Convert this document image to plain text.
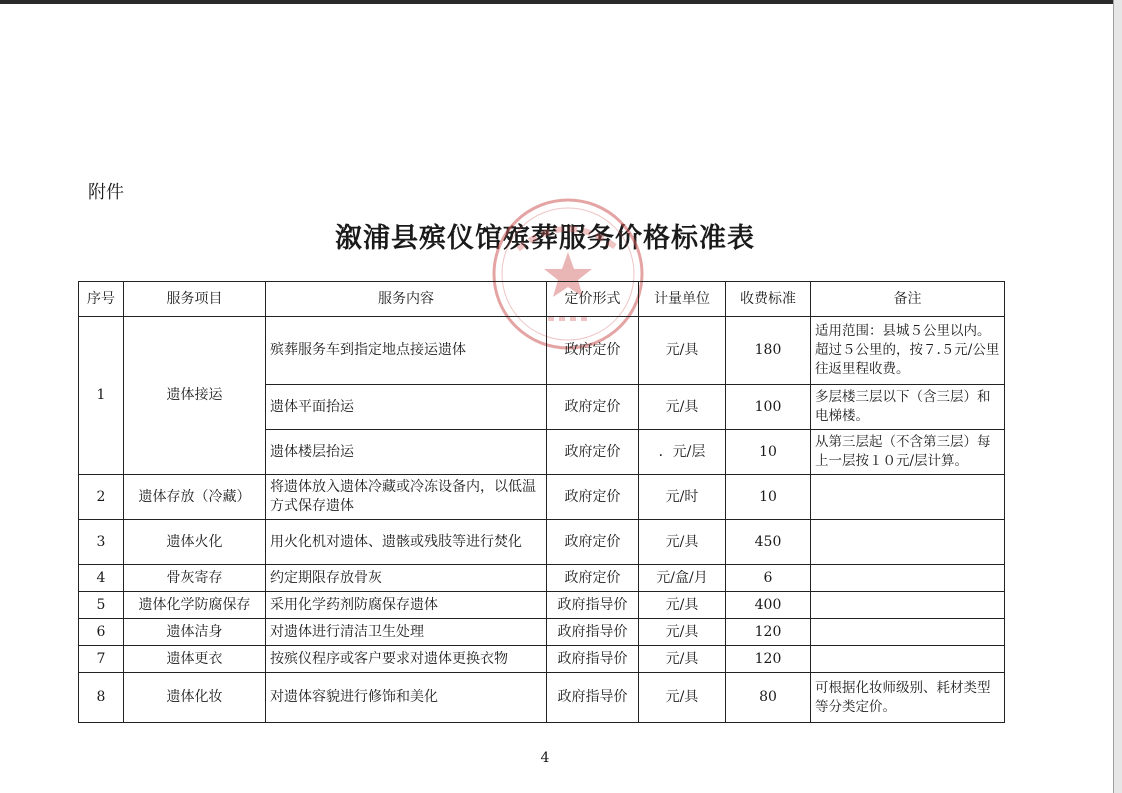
附件
溆浦县殡仪馆殡葬服务价格标准表
序号	服务项目	服务内容	定价形式	计量单位	收费标准	备注
1	遗体接运	殡葬服务车到指定地点接运遗体	政府定价	元/具	180	适用范围：县城５公里以内。超过５公里的，按７.５元/公里往返里程收费。
		遗体平面抬运	政府定价	元/具	100	多层楼三层以下（含三层）和电梯楼。
		遗体楼层抬运	政府定价	．元/层	10	从第三层起（不含第三层）每上一层按１０元/层计算。
2	遗体存放（冷藏）	将遗体放入遗体冷藏或冷冻设备内，以低温方式保存遗体	政府定价	元/时	10	
3	遗体火化	用火化机对遗体、遗骸或残肢等进行焚化	政府定价	元/具	450	
4	骨灰寄存	约定期限存放骨灰	政府定价	元/盒/月	6	
5	遗体化学防腐保存	采用化学药剂防腐保存遗体	政府指导价	元/具	400	
6	遗体洁身	对遗体进行清洁卫生处理	政府指导价	元/具	120	
7	遗体更衣	按殡仪程序或客户要求对遗体更换衣物	政府指导价	元/具	120	
8	遗体化妆	对遗体容貌进行修饰和美化	政府指导价	元/具	80	可根据化妆师级别、耗材类型等分类定价。
4
